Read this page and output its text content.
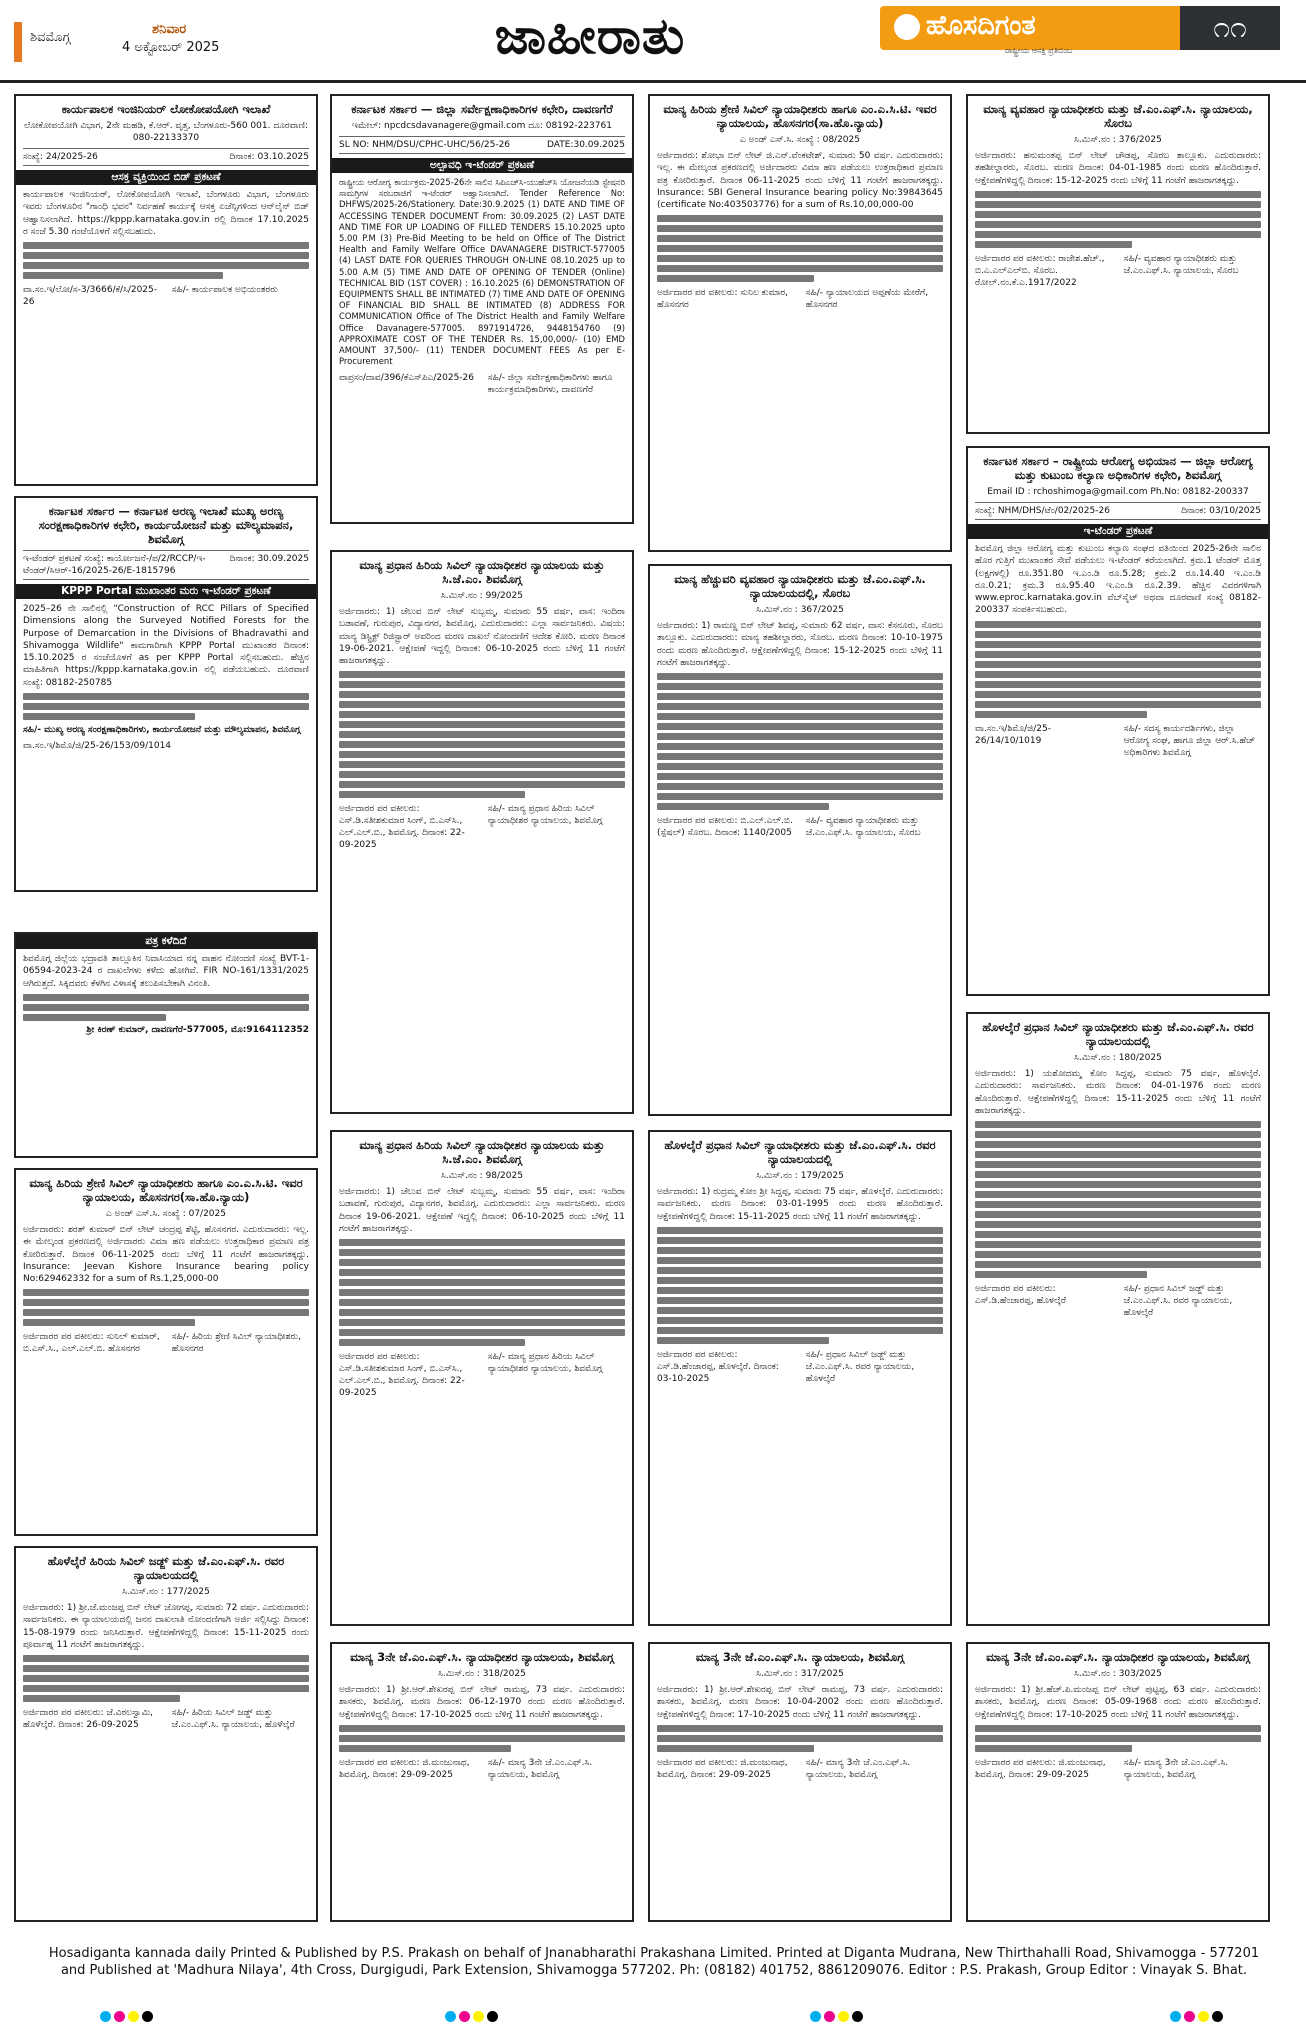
ಶಿವಮೊಗ್ಗ
ಶನಿವಾರ
4 ಅಕ್ಟೋಬರ್ 2025	ಜಾಹೀರಾತು	ಹೊಸದಿಗಂತ
ರಾಷ್ಟ್ರೀಯ ಆಸಕ್ತಿ ಪ್ರತಿಬಿಂಬ
೧೧
ಕಾರ್ಯಪಾಲಕ ಇಂಜಿನಿಯರ್ ಲೋಕೋಪಯೋಗಿ ಇಲಾಖೆ
ಲೋಕೋಪಯೋಗಿ ವಿಭಾಗ, 2ನೇ ಮಹಡಿ, ಕೆ.ಆರ್. ವೃತ್ತ, ಬೆಂಗಳೂರು-560 001. ದೂರವಾಣಿ: 080-22133370
ಸಂಖ್ಯೆ: 24/2025-26	ದಿನಾಂಕ: 03.10.2025
ಆಸಕ್ತ ವ್ಯಕ್ತಿಯಿಂದ ಬಿಡ್ ಪ್ರಕಟಣೆ
ಕಾರ್ಯಪಾಲಕ ಇಂಜಿನಿಯರ್, ಲೋಕೋಪಯೋಗಿ ಇಲಾಖೆ, ಬೆಂಗಳೂರು ವಿಭಾಗ, ಬೆಂಗಳೂರು ಇವರು ಬೆಂಗಳೂರಿನ "ಗಾಂಧಿ ಭವನ" ನಿರ್ವಹಣೆ ಕಾರ್ಯಕ್ಕೆ ಆಸಕ್ತ ಏಜೆನ್ಸಿಗಳಿಂದ ಆನ್‌ಲೈನ್ ಬಿಡ್ ಆಹ್ವಾನಿಸಲಾಗಿದೆ. https://kppp.karnataka.gov.in ರಲ್ಲಿ ದಿನಾಂಕ 17.10.2025 ರ ಸಂಜೆ 5.30 ಗಂಟೆಯೊಳಗೆ ಸಲ್ಲಿಸಬಹುದು.
ವಾ.ಸಂ.ಇ/ಲೋ/ಸ-3/3666/ಕೆ/ಸಿ/2025-26
ಸಹಿ/- ಕಾರ್ಯಪಾಲಕ ಅಭಿಯಂತರರು
ಕರ್ನಾಟಕ ಸರ್ಕಾರ — ಕರ್ನಾಟಕ ಅರಣ್ಯ ಇಲಾಖೆ ಮುಖ್ಯ ಅರಣ್ಯ ಸಂರಕ್ಷಣಾಧಿಕಾರಿಗಳ ಕಛೇರಿ, ಕಾರ್ಯಯೋಜನೆ ಮತ್ತು ಮೌಲ್ಯಮಾಪನ, ಶಿವಮೊಗ್ಗ
ಇ-ಟೆಂಡರ್ ಪ್ರಕಟಣೆ ಸಂಖ್ಯೆ: ಕಾರ್ಯೋಜನೆ-/ಪ/2/RCCP/ಇ-ಟೆಂಡರ್/ಸಿಆರ್-16/2025-26/E-1815796
ದಿನಾಂಕ: 30.09.2025
KPPP Portal ಮುಖಾಂತರ ಮರು ಇ-ಟೆಂಡರ್ ಪ್ರಕಟಣೆ
2025–26 ನೇ ಸಾಲಿನಲ್ಲಿ "Construction of RCC Pillars of Specified Dimensions along the Surveyed Notified Forests for the Purpose of Demarcation in the Divisions of Bhadravathi and Shivamogga Wildlife" ಕಾಮಗಾರಿಗಾಗಿ KPPP Portal ಮುಖಾಂತರ ದಿನಾಂಕ: 15.10.2025 ರ ಸಂಜೆಯೊಳಗೆ as per KPPP Portal ಸಲ್ಲಿಸಬಹುದು. ಹೆಚ್ಚಿನ ಮಾಹಿತಿಗಾಗಿ https://kppp.karnataka.gov.in ನಲ್ಲಿ ಪಡೆಯಬಹುದು. ದೂರವಾಣಿ ಸಂಖ್ಯೆ: 08182-250785
ಸಹಿ/- ಮುಖ್ಯ ಅರಣ್ಯ ಸಂರಕ್ಷಣಾಧಿಕಾರಿಗಳು, ಕಾರ್ಯಯೋಜನೆ ಮತ್ತು ಮೌಲ್ಯಮಾಪನ, ಶಿವಮೊಗ್ಗ
ವಾ.ಸಂ.ಇ/ಶಿಮೊ/ಜಿ/25-26/153/09/1014
ಪತ್ರ ಕಳೆದಿದೆ
ಶಿವಮೊಗ್ಗ ಜಿಲ್ಲೆಯ ಭದ್ರಾವತಿ ತಾಲ್ಲೂಕಿನ ನಿವಾಸಿಯಾದ ನನ್ನ ವಾಹನ ನೋಂದಣಿ ಸಂಖ್ಯೆ BVT-1-06594-2023-24 ರ ದಾಖಲೆಗಳು ಕಳೆದು ಹೋಗಿವೆ. FIR NO-161/1331/2025 ಆಗಿರುತ್ತದೆ. ಸಿಕ್ಕಿದವರು ಕೆಳಗಿನ ವಿಳಾಸಕ್ಕೆ ತಲುಪಿಸಬೇಕಾಗಿ ವಿನಂತಿ.
ಶ್ರೀ ಕಿರಣ್ ಕುಮಾರ್, ದಾವಣಗೆರೆ-577005, ಮೊ:9164112352
ಮಾನ್ಯ ಹಿರಿಯ ಶ್ರೇಣಿ ಸಿವಿಲ್ ನ್ಯಾಯಾಧೀಶರು ಹಾಗೂ ಎಂ.ಎ.ಸಿ.ಟಿ. ಇವರ ನ್ಯಾಯಾಲಯ, ಹೊಸನಗರ(ಸಾ.ಹೊ.ನ್ಯಾಯ)
ಎ ಅಂಡ್ ಎಸ್.ಸಿ. ಸಂಖ್ಯೆ : 07/2025
ಅರ್ಜಿದಾರರು: ಶರತ್ ಕುಮಾರ್ ಬಿನ್ ಲೇಟ್ ಚಂದ್ರಪ್ಪ ಶೆಟ್ಟಿ, ಹೊಸನಗರ. ಎದುರುದಾರರು: ಇಲ್ಲ. ಈ ಮೇಲ್ಕಂಡ ಪ್ರಕರಣದಲ್ಲಿ ಅರ್ಜಿದಾರರು ವಿಮಾ ಹಣ ಪಡೆಯಲು ಉತ್ತರಾಧಿಕಾರ ಪ್ರಮಾಣ ಪತ್ರ ಕೋರಿರುತ್ತಾರೆ. ದಿನಾಂಕ 06-11-2025 ರಂದು ಬೆಳಿಗ್ಗೆ 11 ಗಂಟೆಗೆ ಹಾಜರಾಗತಕ್ಕದ್ದು. Insurance: Jeevan Kishore Insurance bearing policy No:629462332 for a sum of Rs.1,25,000-00
ಅರ್ಜಿದಾರರ ಪರ ವಕೀಲರು: ಸುನಿಲ್ ಕುಮಾರ್, ಬಿ.ಎಸ್.ಸಿ., ಎಲ್.ಎಲ್.ಬಿ. ಹೊಸನಗರ
ಸಹಿ/- ಹಿರಿಯ ಶ್ರೇಣಿ ಸಿವಿಲ್ ನ್ಯಾಯಾಧೀಶರು, ಹೊಸನಗರ
ಹೊಳೆಲ್ಕೆರೆ ಹಿರಿಯ ಸಿವಿಲ್ ಜಡ್ಜ್ ಮತ್ತು ಜೆ.ಎಂ.ಎಫ್.ಸಿ. ರವರ ನ್ಯಾಯಾಲಯದಲ್ಲಿ
ಸಿ.ಮಿಸ್.ನಂ : 177/2025
ಅರ್ಜಿದಾರರು: 1) ಶ್ರೀ.ಜೆ.ಮಂಜಪ್ಪ ಬಿನ್ ಲೇಟ್ ಜೋಗಪ್ಪ, ಸುಮಾರು 72 ವರ್ಷ. ಎದುರುದಾರರು: ಸಾರ್ವಜನಿಕರು. ಈ ನ್ಯಾಯಾಲಯದಲ್ಲಿ ಜನನ ದಾಖಲಾತಿ ನೋಂದಣಿಗಾಗಿ ಅರ್ಜಿ ಸಲ್ಲಿಸಿದ್ದು ದಿನಾಂಕ: 15-08-1979 ರಂದು ಜನಿಸಿರುತ್ತಾರೆ. ಆಕ್ಷೇಪಣೆಗಳಿದ್ದಲ್ಲಿ ದಿನಾಂಕ: 15-11-2025 ರಂದು ಪೂರ್ವಾಹ್ನ 11 ಗಂಟೆಗೆ ಹಾಜರಾಗತಕ್ಕದ್ದು.
ಅರ್ಜಿದಾರರ ಪರ ವಕೀಲರು: ಜೆ.ವಿಠಲಸ್ವಾಮಿ, ಹೊಳೆಲ್ಕೆರೆ. ದಿನಾಂಕ: 26-09-2025
ಸಹಿ/- ಹಿರಿಯ ಸಿವಿಲ್ ಜಡ್ಜ್ ಮತ್ತು ಜೆ.ಎಂ.ಎಫ್.ಸಿ. ನ್ಯಾಯಾಲಯ, ಹೊಳೆಲ್ಕೆರೆ
ಕರ್ನಾಟಕ ಸರ್ಕಾರ — ಜಿಲ್ಲಾ ಸರ್ವೇಕ್ಷಣಾಧಿಕಾರಿಗಳ ಕಛೇರಿ, ದಾವಣಗೆರೆ
ಇಮೇಲ್: npcdcsdavanagere@gmail.com ದೂ: 08192-223761
SL NO: NHM/DSU/CPHC-UHC/56/25-26	DATE:30.09.2025
ಅಲ್ಪಾವಧಿ ಇ-ಟೆಂಡರ್ ಪ್ರಕಟಣೆ
ರಾಷ್ಟ್ರೀಯ ಆರೋಗ್ಯ ಕಾರ್ಯಕ್ರಮ-2025-26ನೇ ಸಾಲಿನ ಸಿಪಿಎಚ್‌ಸಿ-ಯುಹೆಚ್‌ಸಿ ಯೋಜನೆಯಡಿ ಸ್ಟೇಷನರಿ ಸಾಮಗ್ರಿಗಳ ಸರಬರಾಜಿಗೆ ಇ-ಟೆಂಡರ್ ಆಹ್ವಾನಿಸಲಾಗಿದೆ. Tender Reference No: DHFWS/2025-26/Stationery. Date:30.9.2025 (1) DATE AND TIME OF ACCESSING TENDER DOCUMENT From: 30.09.2025 (2) LAST DATE AND TIME FOR UP LOADING OF FILLED TENDERS 15.10.2025 upto 5.00 P.M (3) Pre-Bid Meeting to be held on Office of The District Health and Family Welfare Office DAVANAGERE DISTRICT-577005 (4) LAST DATE FOR QUERIES THROUGH ON-LINE 08.10.2025 up to 5.00 A.M (5) TIME AND DATE OF OPENING OF TENDER (Online) TECHNICAL BID (1ST COVER) : 16.10.2025 (6) DEMONSTRATION OF EQUIPMENTS SHALL BE INTIMATED (7) TIME AND DATE OF OPENING OF FINANCIAL BID SHALL BE INTIMATED (8) ADDRESS FOR COMMUNICATION Office of The District Health and Family Welfare Office Davanagere-577005. 8971914726, 9448154760 (9) APPROXIMATE COST OF THE TENDER Rs. 15,00,000/- (10) EMD AMOUNT 37,500/- (11) TENDER DOCUMENT FEES As per E-Procurement
ವಾಪ್ರಸಂ/ದಾವ/396/ಕೆಎಸ್‌ಪಿಎ/2025-26 ಸಹಿ/- ಜಿಲ್ಲಾ ಸರ್ವೇಕ್ಷಣಾಧಿಕಾರಿಗಳು ಹಾಗೂ ಕಾರ್ಯಕ್ರಮಾಧಿಕಾರಿಗಳು, ದಾವಣಗೆರೆ
ಮಾನ್ಯ ಪ್ರಧಾನ ಹಿರಿಯ ಸಿವಿಲ್ ನ್ಯಾಯಾಧೀಶರ ನ್ಯಾಯಾಲಯ ಮತ್ತು ಸಿ.ಜೆ.ಎಂ. ಶಿವಮೊಗ್ಗ
ಸಿ.ಮಿಸ್.ನಂ : 99/2025
ಅರ್ಜಿದಾರರು: 1) ಚೆಲುವ ಬಿನ್ ಲೇಟ್ ಸುಬ್ಬಮ್ಮ, ಸುಮಾರು 55 ವರ್ಷ, ವಾಸ: ಇಂದಿರಾ ಬಡಾವಣೆ, ಗುರುಪುರ, ವಿದ್ಯಾನಗರ, ಶಿವಮೊಗ್ಗ. ಎದುರುದಾರರು: ಎಲ್ಲಾ ಸಾರ್ವಜನಿಕರು. ವಿಷಯ: ಮಾನ್ಯ ಡಿಸ್ಟ್ರಿಕ್ಟ್ ರಿಜಿಸ್ಟ್ರಾರ್ ಅವರಿಂದ ಮರಣ ದಾಖಲೆ ನೋಂದಣಿಗೆ ಆದೇಶ ಕೋರಿ. ಮರಣ ದಿನಾಂಕ 19-06-2021. ಆಕ್ಷೇಪಣೆ ಇದ್ದಲ್ಲಿ ದಿನಾಂಕ: 06-10-2025 ರಂದು ಬೆಳಿಗ್ಗೆ 11 ಗಂಟೆಗೆ ಹಾಜರಾಗತಕ್ಕದ್ದು.
ಅರ್ಜಿದಾರರ ಪರ ವಕೀಲರು: ಎಸ್.ಡಿ.ಸತೀಶಕುಮಾರ ಸಿಂಗ್, ಬಿ.ಎಸ್‌ಸಿ., ಎಲ್.ಎಲ್.ಬಿ., ಶಿವಮೊಗ್ಗ. ದಿನಾಂಕ: 22-09-2025
ಸಹಿ/- ಮಾನ್ಯ ಪ್ರಧಾನ ಹಿರಿಯ ಸಿವಿಲ್ ನ್ಯಾಯಾಧೀಶರ ನ್ಯಾಯಾಲಯ, ಶಿವಮೊಗ್ಗ
ಮಾನ್ಯ ಪ್ರಧಾನ ಹಿರಿಯ ಸಿವಿಲ್ ನ್ಯಾಯಾಧೀಶರ ನ್ಯಾಯಾಲಯ ಮತ್ತು ಸಿ.ಜೆ.ಎಂ. ಶಿವಮೊಗ್ಗ
ಸಿ.ಮಿಸ್.ನಂ : 98/2025
ಅರ್ಜಿದಾರರು: 1) ಚೆಲುವ ಬಿನ್ ಲೇಟ್ ಸುಬ್ಬಮ್ಮ, ಸುಮಾರು 55 ವರ್ಷ, ವಾಸ: ಇಂದಿರಾ ಬಡಾವಣೆ, ಗುರುಪುರ, ವಿದ್ಯಾನಗರ, ಶಿವಮೊಗ್ಗ. ಎದುರುದಾರರು: ಎಲ್ಲಾ ಸಾರ್ವಜನಿಕರು. ಮರಣ ದಿನಾಂಕ 19-06-2021. ಆಕ್ಷೇಪಣೆ ಇದ್ದಲ್ಲಿ ದಿನಾಂಕ: 06-10-2025 ರಂದು ಬೆಳಿಗ್ಗೆ 11 ಗಂಟೆಗೆ ಹಾಜರಾಗತಕ್ಕದ್ದು.
ಅರ್ಜಿದಾರರ ಪರ ವಕೀಲರು: ಎಸ್.ಡಿ.ಸತೀಶಕುಮಾರ ಸಿಂಗ್, ಬಿ.ಎಸ್‌ಸಿ., ಎಲ್.ಎಲ್.ಬಿ., ಶಿವಮೊಗ್ಗ. ದಿನಾಂಕ: 22-09-2025
ಸಹಿ/- ಮಾನ್ಯ ಪ್ರಧಾನ ಹಿರಿಯ ಸಿವಿಲ್ ನ್ಯಾಯಾಧೀಶರ ನ್ಯಾಯಾಲಯ, ಶಿವಮೊಗ್ಗ
ಮಾನ್ಯ 3ನೇ ಜೆ.ಎಂ.ಎಫ್.ಸಿ. ನ್ಯಾಯಾಧೀಶರ ನ್ಯಾಯಾಲಯ, ಶಿವಮೊಗ್ಗ
ಸಿ.ಮಿಸ್.ನಂ : 318/2025
ಅರ್ಜಿದಾರರು: 1) ಶ್ರೀ.ಆರ್.ಶೇಖರಪ್ಪ ಬಿನ್ ಲೇಟ್ ರಾಮಪ್ಪ, 73 ವರ್ಷ. ಎದುರುದಾರರು: ಶಾಸಕರು, ಶಿವಮೊಗ್ಗ. ಮರಣ ದಿನಾಂಕ: 06-12-1970 ರಂದು ಮರಣ ಹೊಂದಿರುತ್ತಾರೆ. ಆಕ್ಷೇಪಣೆಗಳಿದ್ದಲ್ಲಿ ದಿನಾಂಕ: 17-10-2025 ರಂದು ಬೆಳಿಗ್ಗೆ 11 ಗಂಟೆಗೆ ಹಾಜರಾಗತಕ್ಕದ್ದು.
ಅರ್ಜಿದಾರರ ಪರ ವಕೀಲರು: ಜಿ.ಮಂಜುನಾಥ, ಶಿವಮೊಗ್ಗ. ದಿನಾಂಕ: 29-09-2025
ಸಹಿ/- ಮಾನ್ಯ 3ನೇ ಜೆ.ಎಂ.ಎಫ್.ಸಿ. ನ್ಯಾಯಾಲಯ, ಶಿವಮೊಗ್ಗ
ಮಾನ್ಯ ಹಿರಿಯ ಶ್ರೇಣಿ ಸಿವಿಲ್ ನ್ಯಾಯಾಧೀಶರು ಹಾಗೂ ಎಂ.ಎ.ಸಿ.ಟಿ. ಇವರ ನ್ಯಾಯಾಲಯ, ಹೊಸನಗರ(ಸಾ.ಹೊ.ನ್ಯಾಯ)
ಎ ಅಂಡ್ ಎಸ್.ಸಿ. ಸಂಖ್ಯೆ : 08/2025
ಅರ್ಜಿದಾರರು: ಶೋಭಾ ಬಿನ್ ಲೇಟ್ ಜಿ.ಎನ್.ವೆಂಕಟೇಶ್, ಸುಮಾರು 50 ವರ್ಷ. ಎದುರುದಾರರು: ಇಲ್ಲ. ಈ ಮೇಲ್ಕಂಡ ಪ್ರಕರಣದಲ್ಲಿ ಅರ್ಜಿದಾರರು ವಿಮಾ ಹಣ ಪಡೆಯಲು ಉತ್ತರಾಧಿಕಾರ ಪ್ರಮಾಣ ಪತ್ರ ಕೋರಿರುತ್ತಾರೆ. ದಿನಾಂಕ 06-11-2025 ರಂದು ಬೆಳಿಗ್ಗೆ 11 ಗಂಟೆಗೆ ಹಾಜರಾಗತಕ್ಕದ್ದು. Insurance: SBI General Insurance bearing policy No:39843645 (certificate No:403503776) for a sum of Rs.10,00,000-00
ಅರ್ಜಿದಾರರ ಪರ ವಕೀಲರು: ಸುನಿಲ ಕುಮಾರ, ಹೊಸನಗರ
ಸಹಿ/- ನ್ಯಾಯಾಲಯದ ಅಪ್ಪಣೆಯ ಮೇರೆಗೆ, ಹೊಸನಗರ
ಮಾನ್ಯ ಹೆಚ್ಚುವರಿ ವ್ಯವಹಾರ ನ್ಯಾಯಾಧೀಶರು ಮತ್ತು ಜೆ.ಎಂ.ಎಫ್.ಸಿ. ನ್ಯಾಯಾಲಯದಲ್ಲಿ, ಸೊರಬ
ಸಿ.ಮಿಸ್.ನಂ : 367/2025
ಅರ್ಜಿದಾರರು: 1) ರಾಮಣ್ಣ ಬಿನ್ ಲೇಟ್ ಶಿವಪ್ಪ, ಸುಮಾರು 62 ವರ್ಷ, ವಾಸ: ಕೆಸನೂರು, ಸೊರಬ ತಾಲ್ಲೂಕು. ಎದುರುದಾರರು: ಮಾನ್ಯ ತಹಶೀಲ್ದಾರರು, ಸೊರಬ. ಮರಣ ದಿನಾಂಕ: 10-10-1975 ರಂದು ಮರಣ ಹೊಂದಿರುತ್ತಾರೆ. ಆಕ್ಷೇಪಣೆಗಳಿದ್ದಲ್ಲಿ ದಿನಾಂಕ: 15-12-2025 ರಂದು ಬೆಳಿಗ್ಗೆ 11 ಗಂಟೆಗೆ ಹಾಜರಾಗತಕ್ಕದ್ದು.
ಅರ್ಜಿದಾರರ ಪರ ವಕೀಲರು: ಬಿ.ಎಲ್.ಎಲ್.ಬಿ. (ಸ್ಪೆಷಲ್) ಸೊರಬ. ದಿನಾಂಕ: 1140/2005
ಸಹಿ/- ವ್ಯವಹಾರ ನ್ಯಾಯಾಧೀಶರು ಮತ್ತು ಜೆ.ಎಂ.ಎಫ್.ಸಿ. ನ್ಯಾಯಾಲಯ, ಸೊರಬ
ಹೊಳಲ್ಕೆರೆ ಪ್ರಧಾನ ಸಿವಿಲ್ ನ್ಯಾಯಾಧೀಶರು ಮತ್ತು ಜೆ.ಎಂ.ಎಫ್.ಸಿ. ರವರ ನ್ಯಾಯಾಲಯದಲ್ಲಿ
ಸಿ.ಮಿಸ್.ನಂ : 179/2025
ಅರ್ಜಿದಾರರು: 1) ರುದ್ರಮ್ಮ ಕೋಂ ಶ್ರೀ ಸಿದ್ದಪ್ಪ, ಸುಮಾರು 75 ವರ್ಷ, ಹೊಳಲ್ಕೆರೆ. ಎದುರುದಾರರು: ಸಾರ್ವಜನಿಕರು. ಮರಣ ದಿನಾಂಕ: 03-01-1995 ರಂದು ಮರಣ ಹೊಂದಿರುತ್ತಾರೆ. ಆಕ್ಷೇಪಣೆಗಳಿದ್ದಲ್ಲಿ ದಿನಾಂಕ: 15-11-2025 ರಂದು ಬೆಳಿಗ್ಗೆ 11 ಗಂಟೆಗೆ ಹಾಜರಾಗತಕ್ಕದ್ದು.
ಅರ್ಜಿದಾರರ ಪರ ವಕೀಲರು: ಎಸ್.ಡಿ.ಹೆಂಜಾರಪ್ಪ, ಹೊಳಲ್ಕೆರೆ. ದಿನಾಂಕ: 03-10-2025
ಸಹಿ/- ಪ್ರಧಾನ ಸಿವಿಲ್ ಜಡ್ಜ್ ಮತ್ತು ಜೆ.ಎಂ.ಎಫ್.ಸಿ. ರವರ ನ್ಯಾಯಾಲಯ, ಹೊಳಲ್ಕೆರೆ
ಮಾನ್ಯ 3ನೇ ಜೆ.ಎಂ.ಎಫ್.ಸಿ. ನ್ಯಾಯಾಲಯ, ಶಿವಮೊಗ್ಗ
ಸಿ.ಮಿಸ್.ನಂ : 317/2025
ಅರ್ಜಿದಾರರು: 1) ಶ್ರೀ.ಆರ್.ಶೇಖರಪ್ಪ ಬಿನ್ ಲೇಟ್ ರಾಮಪ್ಪ, 73 ವರ್ಷ. ಎದುರುದಾರರು: ಶಾಸಕರು, ಶಿವಮೊಗ್ಗ. ಮರಣ ದಿನಾಂಕ: 10-04-2002 ರಂದು ಮರಣ ಹೊಂದಿರುತ್ತಾರೆ. ಆಕ್ಷೇಪಣೆಗಳಿದ್ದಲ್ಲಿ ದಿನಾಂಕ: 17-10-2025 ರಂದು ಬೆಳಿಗ್ಗೆ 11 ಗಂಟೆಗೆ ಹಾಜರಾಗತಕ್ಕದ್ದು.
ಅರ್ಜಿದಾರರ ಪರ ವಕೀಲರು: ಜಿ.ಮಂಜುನಾಥ, ಶಿವಮೊಗ್ಗ. ದಿನಾಂಕ: 29-09-2025
ಸಹಿ/- ಮಾನ್ಯ 3ನೇ ಜೆ.ಎಂ.ಎಫ್.ಸಿ. ನ್ಯಾಯಾಲಯ, ಶಿವಮೊಗ್ಗ
ಮಾನ್ಯ ವ್ಯವಹಾರ ನ್ಯಾಯಾಧೀಶರು ಮತ್ತು ಜೆ.ಎಂ.ಎಫ್.ಸಿ. ನ್ಯಾಯಾಲಯ, ಸೊರಬ
ಸಿ.ಮಿಸ್.ನಂ : 376/2025
ಅರ್ಜಿದಾರರು: ಹನುಮಂತಪ್ಪ ಬಿನ್ ಲೇಟ್ ಚೌಡಪ್ಪ, ಸೊರಬ ತಾಲ್ಲೂಕು. ಎದುರುದಾರರು: ತಹಶೀಲ್ದಾರರು, ಸೊರಬ. ಮರಣ ದಿನಾಂಕ: 04-01-1985 ರಂದು ಮರಣ ಹೊಂದಿರುತ್ತಾರೆ. ಆಕ್ಷೇಪಣೆಗಳಿದ್ದಲ್ಲಿ ದಿನಾಂಕ: 15-12-2025 ರಂದು ಬೆಳಿಗ್ಗೆ 11 ಗಂಟೆಗೆ ಹಾಜರಾಗತಕ್ಕದ್ದು.
ಅರ್ಜಿದಾರರ ಪರ ವಕೀಲರು: ರಾಜೇಶ.ಹೆಚ್., ಬಿ.ಎ.ಎಲ್‌ಎಲ್‌ಬಿ. ಸೊರಬ. ರೋಲ್.ನಂ.ಕೆ.ಎ.1917/2022
ಸಹಿ/- ವ್ಯವಹಾರ ನ್ಯಾಯಾಧೀಶರು ಮತ್ತು ಜೆ.ಎಂ.ಎಫ್.ಸಿ. ನ್ಯಾಯಾಲಯ, ಸೊರಬ
ಕರ್ನಾಟಕ ಸರ್ಕಾರ – ರಾಷ್ಟ್ರೀಯ ಆರೋಗ್ಯ ಅಭಿಯಾನ — ಜಿಲ್ಲಾ ಆರೋಗ್ಯ ಮತ್ತು ಕುಟುಂಬ ಕಲ್ಯಾಣ ಅಧಿಕಾರಿಗಳ ಕಛೇರಿ, ಶಿವಮೊಗ್ಗ
Email ID : rchoshimoga@gmail.com Ph.No: 08182-200337
ಸಂಖ್ಯೆ: NHM/DHS/ಟೆಂ/02/2025-26	ದಿನಾಂಕ: 03/10/2025
ಇ-ಟೆಂಡರ್ ಪ್ರಕಟಣೆ
ಶಿವಮೊಗ್ಗ ಜಿಲ್ಲಾ ಆರೋಗ್ಯ ಮತ್ತು ಕುಟುಂಬ ಕಲ್ಯಾಣ ಸಂಘದ ವತಿಯಿಂದ 2025-26ನೇ ಸಾಲಿನ ಹೊರ ಗುತ್ತಿಗೆ ಮುಖಾಂತರ ಸೇವೆ ಪಡೆಯಲು ಇ-ಟೆಂಡರ್ ಕರೆಯಲಾಗಿದೆ. ಕ್ರಮ.1 ಟೆಂಡರ್ ಮೊತ್ತ (ಲಕ್ಷಗಳಲ್ಲಿ) ರೂ.351.80 ಇ.ಎಂ.ಡಿ ರೂ.5.28; ಕ್ರಮ.2 ರೂ.14.40 ಇ.ಎಂ.ಡಿ ರೂ.0.21; ಕ್ರಮ.3 ರೂ.95.40 ಇ.ಎಂ.ಡಿ ರೂ.2.39. ಹೆಚ್ಚಿನ ವಿವರಗಳಿಗಾಗಿ www.eproc.karnataka.gov.in ವೆಬ್‌ಸೈಟ್ ಅಥವಾ ದೂರವಾಣಿ ಸಂಖ್ಯೆ 08182-200337 ಸಂಪರ್ಕಿಸಬಹುದು.
ವಾ.ಸಂ.ಇ/ಶಿಮೊ/ಜಿ/25-26/14/10/1019
ಸಹಿ/- ಸದಸ್ಯ ಕಾರ್ಯದರ್ಶಿಗಳು, ಜಿಲ್ಲಾ ಆರೋಗ್ಯ ಸಂಘ, ಹಾಗೂ ಜಿಲ್ಲಾ ಆರ್.ಸಿ.ಹೆಚ್ ಅಧಿಕಾರಿಗಳು ಶಿವಮೊಗ್ಗ
ಹೊಳಲ್ಕೆರೆ ಪ್ರಧಾನ ಸಿವಿಲ್ ನ್ಯಾಯಾಧೀಶರು ಮತ್ತು ಜೆ.ಎಂ.ಎಫ್.ಸಿ. ರವರ ನ್ಯಾಯಾಲಯದಲ್ಲಿ
ಸಿ.ಮಿಸ್.ನಂ : 180/2025
ಅರ್ಜಿದಾರರು: 1) ಯಶೋದಮ್ಮ ಕೋಂ ಸಿದ್ದಪ್ಪ, ಸುಮಾರು 75 ವರ್ಷ, ಹೊಳಲ್ಕೆರೆ. ಎದುರುದಾರರು: ಸಾರ್ವಜನಿಕರು. ಮರಣ ದಿನಾಂಕ: 04-01-1976 ರಂದು ಮರಣ ಹೊಂದಿರುತ್ತಾರೆ. ಆಕ್ಷೇಪಣೆಗಳಿದ್ದಲ್ಲಿ ದಿನಾಂಕ: 15-11-2025 ರಂದು ಬೆಳಿಗ್ಗೆ 11 ಗಂಟೆಗೆ ಹಾಜರಾಗತಕ್ಕದ್ದು.
ಅರ್ಜಿದಾರರ ಪರ ವಕೀಲರು: ಎಸ್.ಡಿ.ಹೆಂಜಾರಪ್ಪ, ಹೊಳಲ್ಕೆರೆ
ಸಹಿ/- ಪ್ರಧಾನ ಸಿವಿಲ್ ಜಡ್ಜ್ ಮತ್ತು ಜೆ.ಎಂ.ಎಫ್.ಸಿ. ರವರ ನ್ಯಾಯಾಲಯ, ಹೊಳಲ್ಕೆರೆ
ಮಾನ್ಯ 3ನೇ ಜೆ.ಎಂ.ಎಫ್.ಸಿ. ನ್ಯಾಯಾಧೀಶರ ನ್ಯಾಯಾಲಯ, ಶಿವಮೊಗ್ಗ
ಸಿ.ಮಿಸ್.ನಂ : 303/2025
ಅರ್ಜಿದಾರರು: 1) ಶ್ರೀ.ಹೆಚ್.ಪಿ.ಮಂಜಪ್ಪ ಬಿನ್ ಲೇಟ್ ಪುಟ್ಟಪ್ಪ, 63 ವರ್ಷ. ಎದುರುದಾರರು: ಶಾಸಕರು, ಶಿವಮೊಗ್ಗ. ಮರಣ ದಿನಾಂಕ: 05-09-1968 ರಂದು ಮರಣ ಹೊಂದಿರುತ್ತಾರೆ. ಆಕ್ಷೇಪಣೆಗಳಿದ್ದಲ್ಲಿ ದಿನಾಂಕ: 17-10-2025 ರಂದು ಬೆಳಿಗ್ಗೆ 11 ಗಂಟೆಗೆ ಹಾಜರಾಗತಕ್ಕದ್ದು.
ಅರ್ಜಿದಾರರ ಪರ ವಕೀಲರು: ಜಿ.ಮಂಜುನಾಥ, ಶಿವಮೊಗ್ಗ. ದಿನಾಂಕ: 29-09-2025
ಸಹಿ/- ಮಾನ್ಯ 3ನೇ ಜೆ.ಎಂ.ಎಫ್.ಸಿ. ನ್ಯಾಯಾಲಯ, ಶಿವಮೊಗ್ಗ
Hosadiganta kannada daily Printed & Published by P.S. Prakash on behalf of Jnanabharathi Prakashana Limited. Printed at Diganta Mudrana, New Thirthahalli Road, Shivamogga - 577201
and Published at 'Madhura Nilaya', 4th Cross, Durgigudi, Park Extension, Shivamogga 577202. Ph: (08182) 401752, 8861209076. Editor : P.S. Prakash, Group Editor : Vinayak S. Bhat.
